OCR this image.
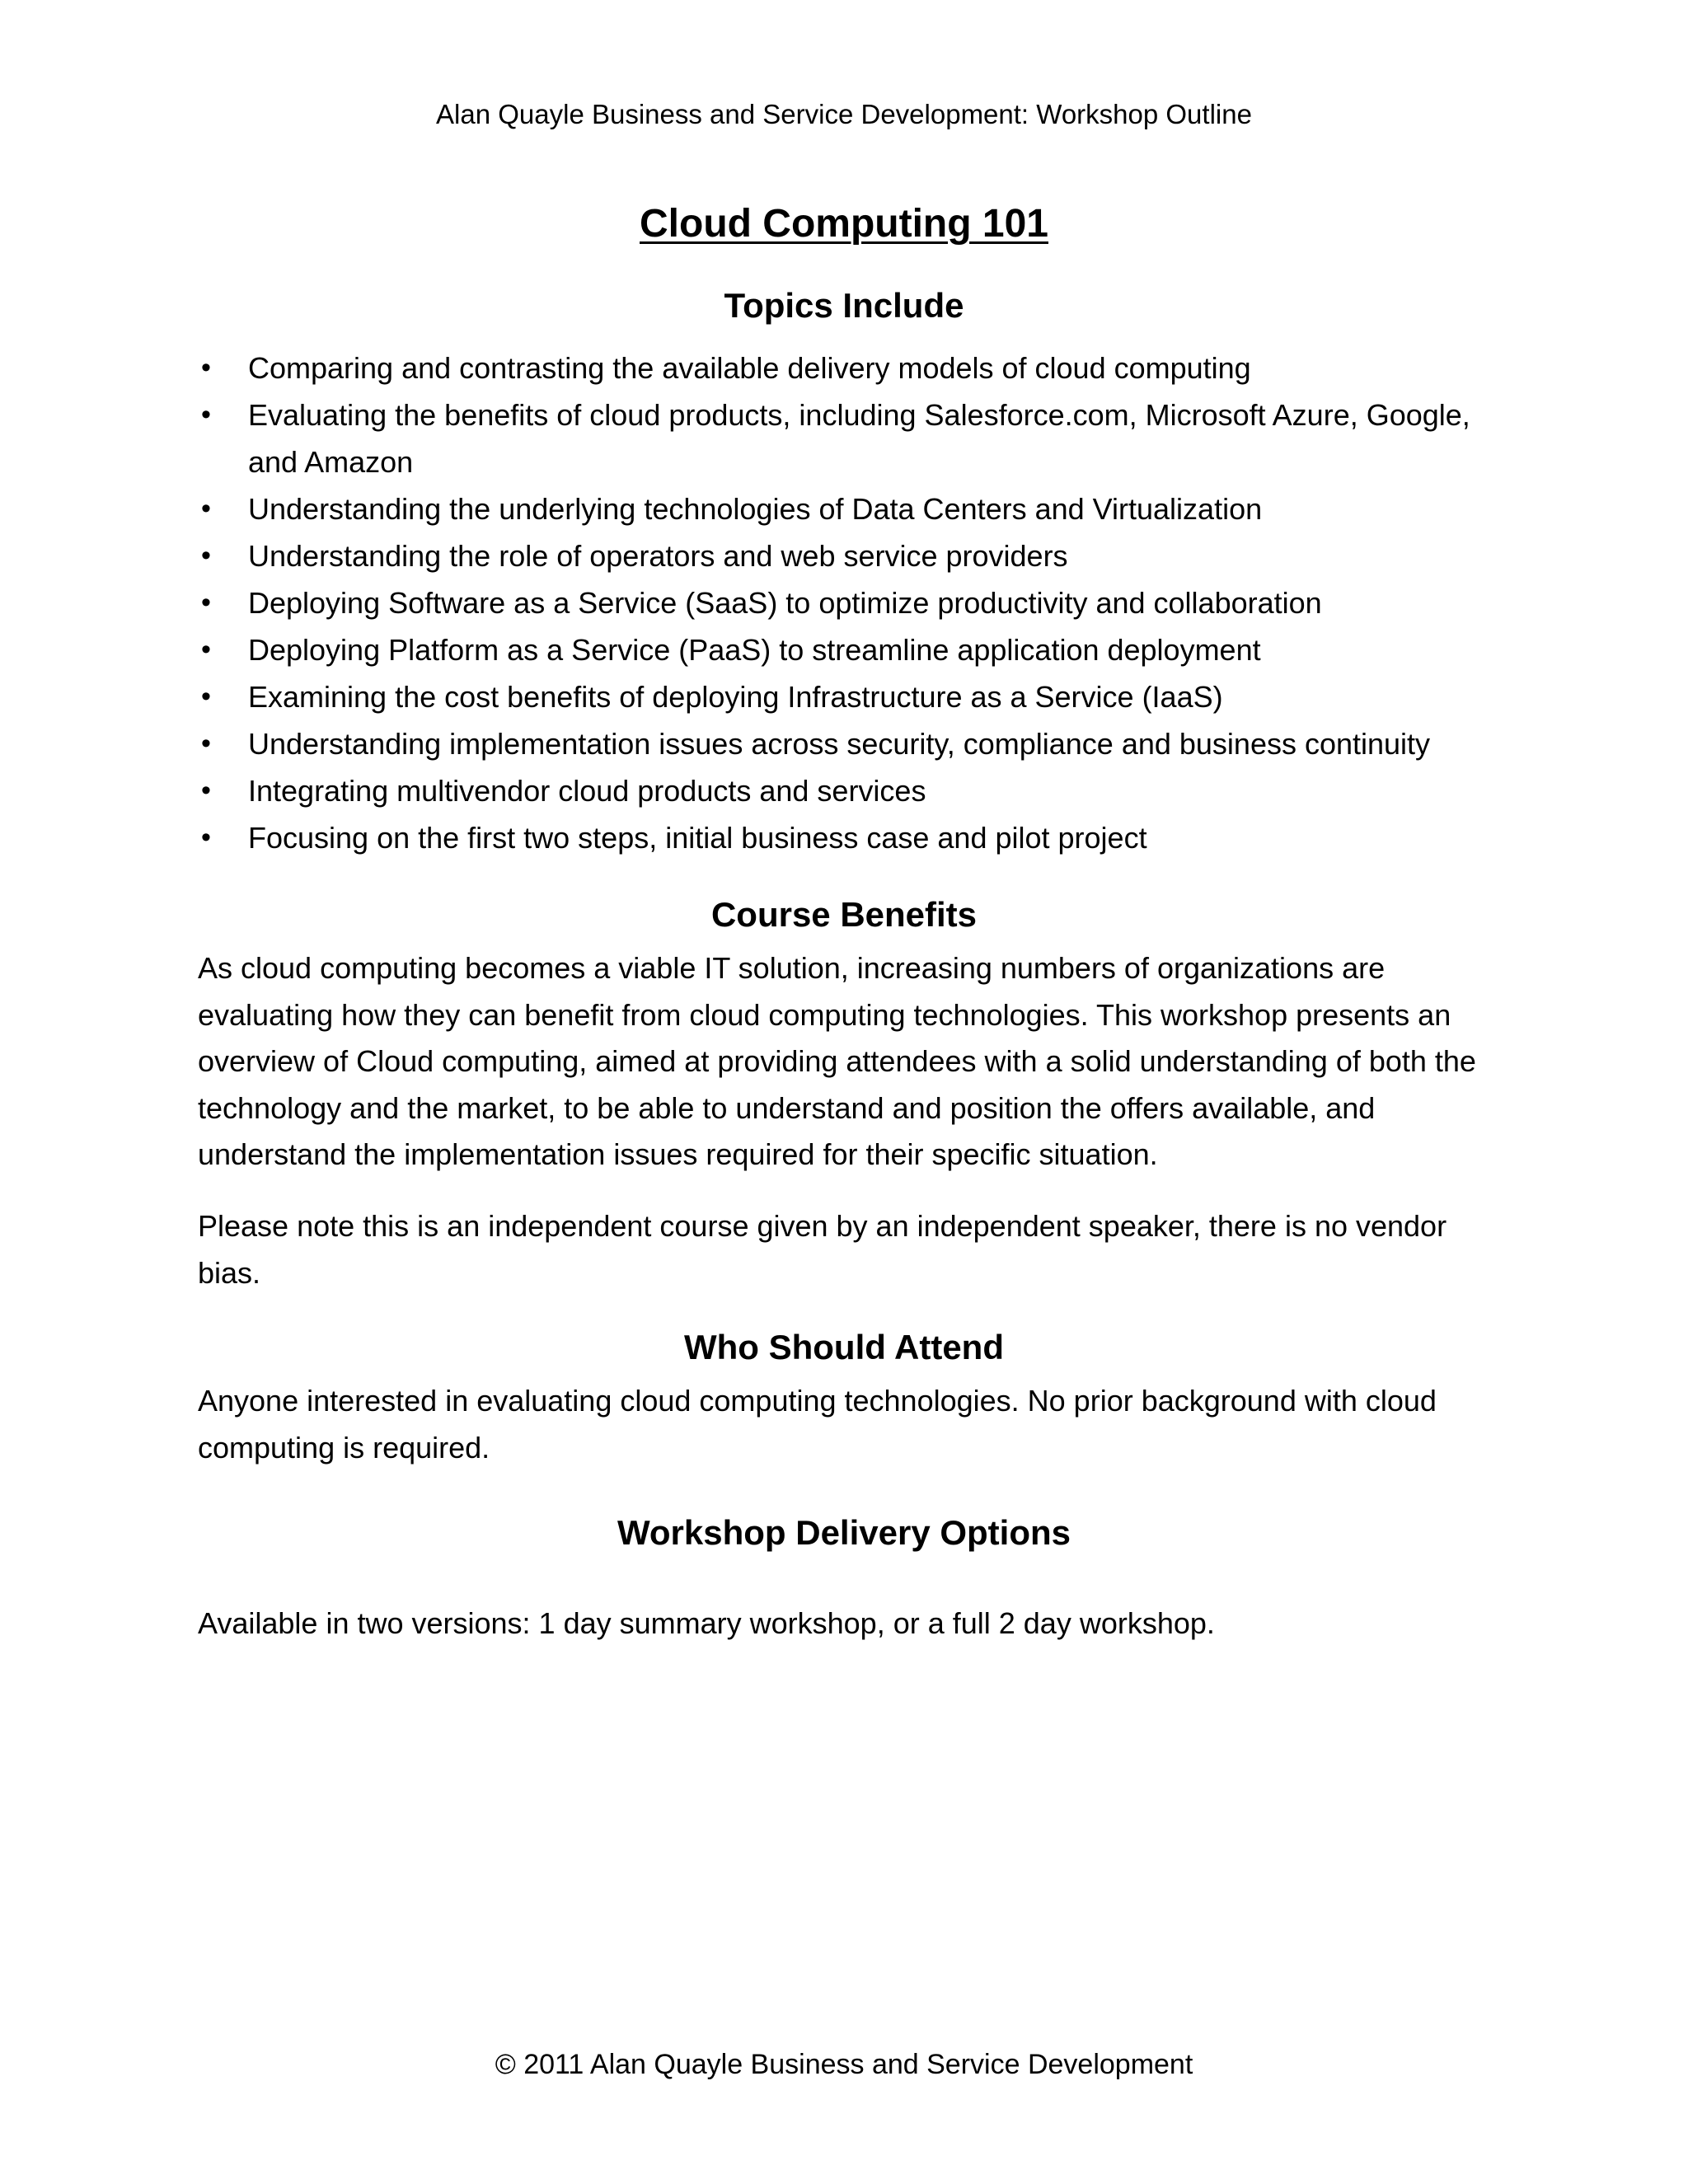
Alan Quayle Business and Service Development: Workshop Outline
Cloud Computing 101
Topics Include
• Comparing and contrasting the available delivery models of cloud computing
• Evaluating the benefits of cloud products, including Salesforce.com, Microsoft Azure, Google, and Amazon
• Understanding the underlying technologies of Data Centers and Virtualization
• Understanding the role of operators and web service providers
• Deploying Software as a Service (SaaS) to optimize productivity and collaboration
• Deploying Platform as a Service (PaaS) to streamline application deployment
• Examining the cost benefits of deploying Infrastructure as a Service (IaaS)
• Understanding implementation issues across security, compliance and business continuity
• Integrating multivendor cloud products and services
• Focusing on the first two steps, initial business case and pilot project
Course Benefits

As cloud computing becomes a viable IT solution, increasing numbers of organizations are evaluating how they can benefit from cloud computing technologies. This workshop presents an overview of Cloud computing, aimed at providing attendees with a solid understanding of both the technology and the market, to be able to understand and position the offers available, and understand the implementation issues required for their specific situation.

Please note this is an independent course given by an independent speaker, there is no vendor bias.

Who Should Attend

Anyone interested in evaluating cloud computing technologies. No prior background with cloud computing is required.

Workshop Delivery Options

Available in two versions: 1 day summary workshop, or a full 2 day workshop.

© 2011 Alan Quayle Business and Service Development
